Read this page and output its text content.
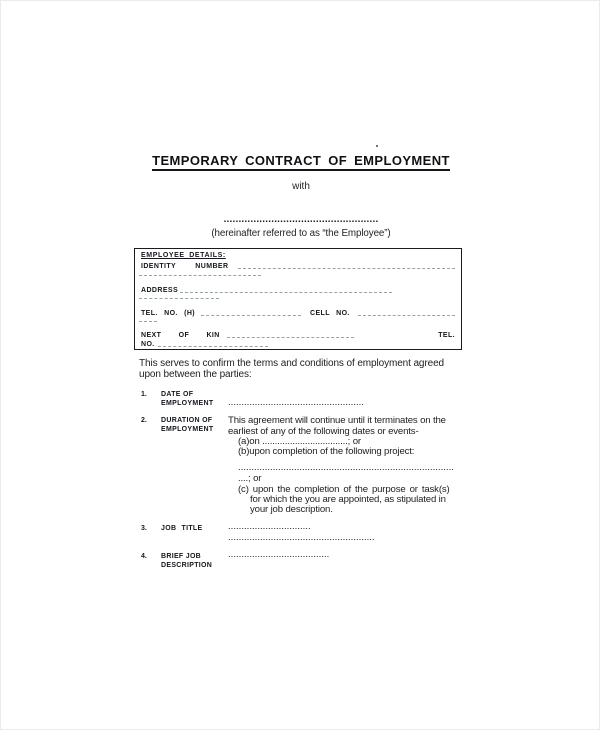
TEMPORARY CONTRACT OF EMPLOYMENT
with
....................................................
(hereinafter referred to as “the Employee”)
EMPLOYEE DETAILS:
IDENTITY NUMBER
ADDRESS
TEL. NO. (H)	CELL NO.
NEXT OF KIN	TEL.
NO.
This serves to confirm the terms and conditions of employment agreed
upon between the parties:
1. DATE OF
EMPLOYMENT ...................................................
2. DURATION OF
EMPLOYMENT
This agreement will continue until it terminates on the
earliest of any of the following dates or events-
(a)on ..................................; or
(b)upon completion of the following project:
.................................................................................
....; or
(c) upon the completion of the purpose or task(s)
for which the you are appointed, as stipulated in
your job description.
3. JOB TITLE	...............................
.......................................................
4. BRIEF JOB
DESCRIPTION
......................................
